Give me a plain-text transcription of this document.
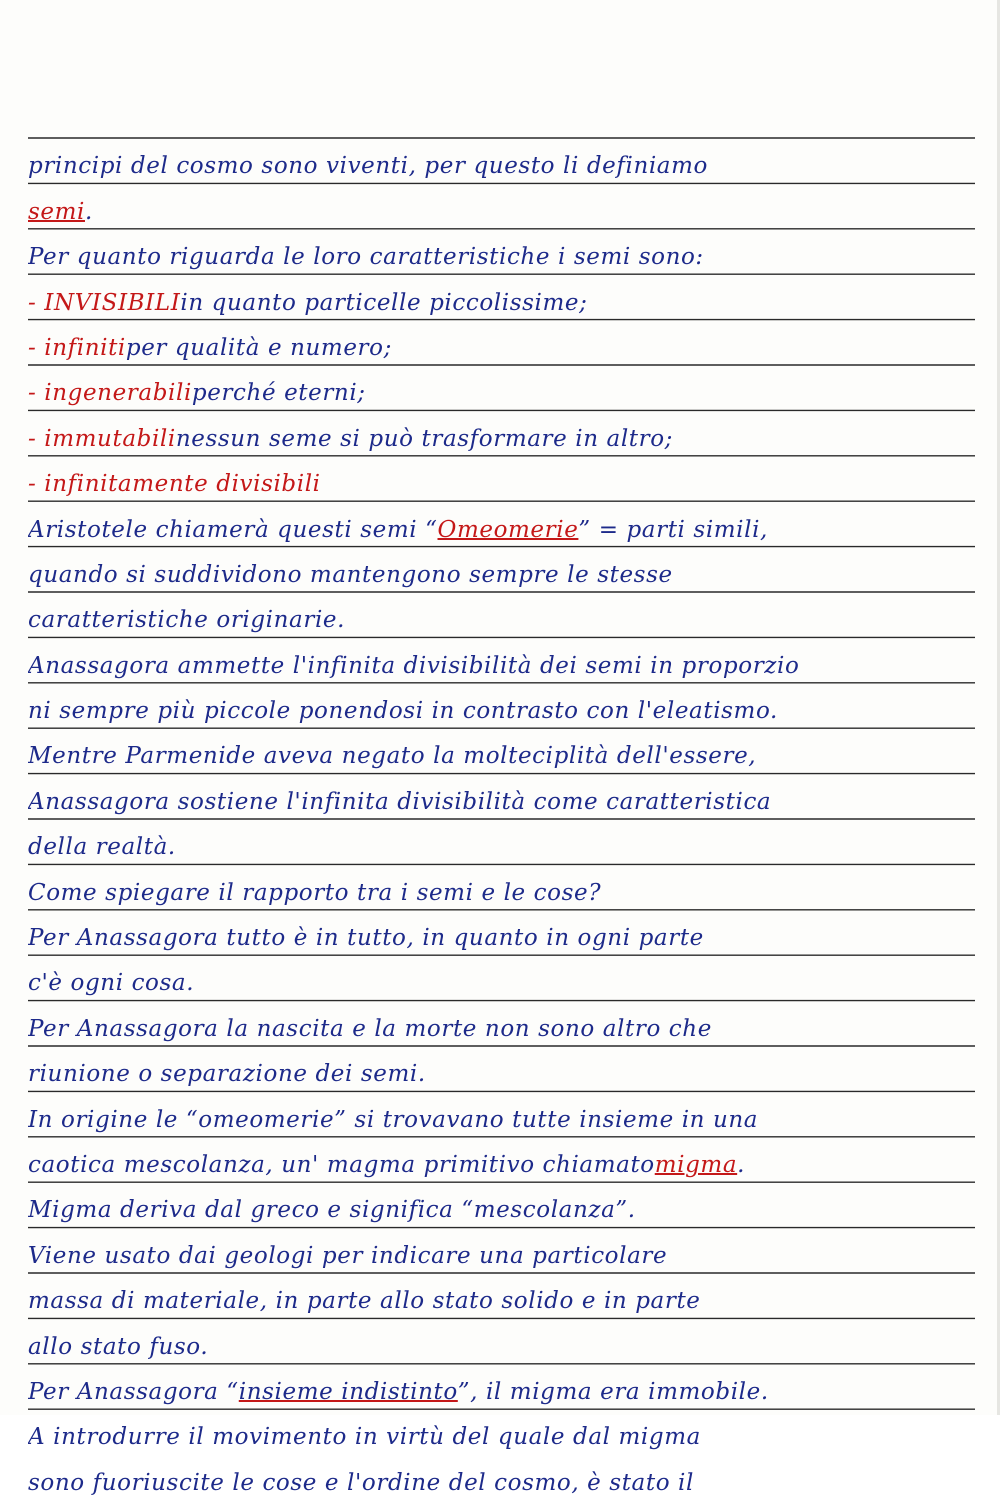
principi del cosmo sono viventi, per questo li definiamo
semi .
Per quanto riguarda le loro caratteristiche i semi sono:
- INVISIBILI in quanto particelle piccolissime;
- infiniti per qualità e numero;
- ingenerabili perché eterni;
- immutabili nessun seme si può trasformare in altro;
- infinitamente divisibili
Aristotele chiamerà questi semi “ Omeomerie ” = parti simili,
quando si suddividono mantengono sempre le stesse
caratteristiche originarie.
Anassagora ammette l'infinita divisibilità dei semi in proporzio
ni sempre più piccole ponendosi in contrasto con l'eleatismo.
Mentre Parmenide aveva negato la molteciplità dell'essere,
Anassagora sostiene l'infinita divisibilità come caratteristica
della realtà.
Come spiegare il rapporto tra i semi e le cose?
Per Anassagora tutto è in tutto, in quanto in ogni parte
c'è ogni cosa.
Per Anassagora la nascita e la morte non sono altro che
riunione o separazione dei semi.
In origine le “omeomerie” si trovavano tutte insieme in una
caotica mescolanza, un' magma primitivo chiamato migma .
Migma deriva dal greco e significa “mescolanza”.
Viene usato dai geologi per indicare una particolare
massa di materiale, in parte allo stato solido e in parte
allo stato fuso.
Per Anassagora “ insieme indistinto ”, il migma era immobile.
A introdurre il movimento in virtù del quale dal migma
sono fuoriuscite le cose e l'ordine del cosmo, è stato il
